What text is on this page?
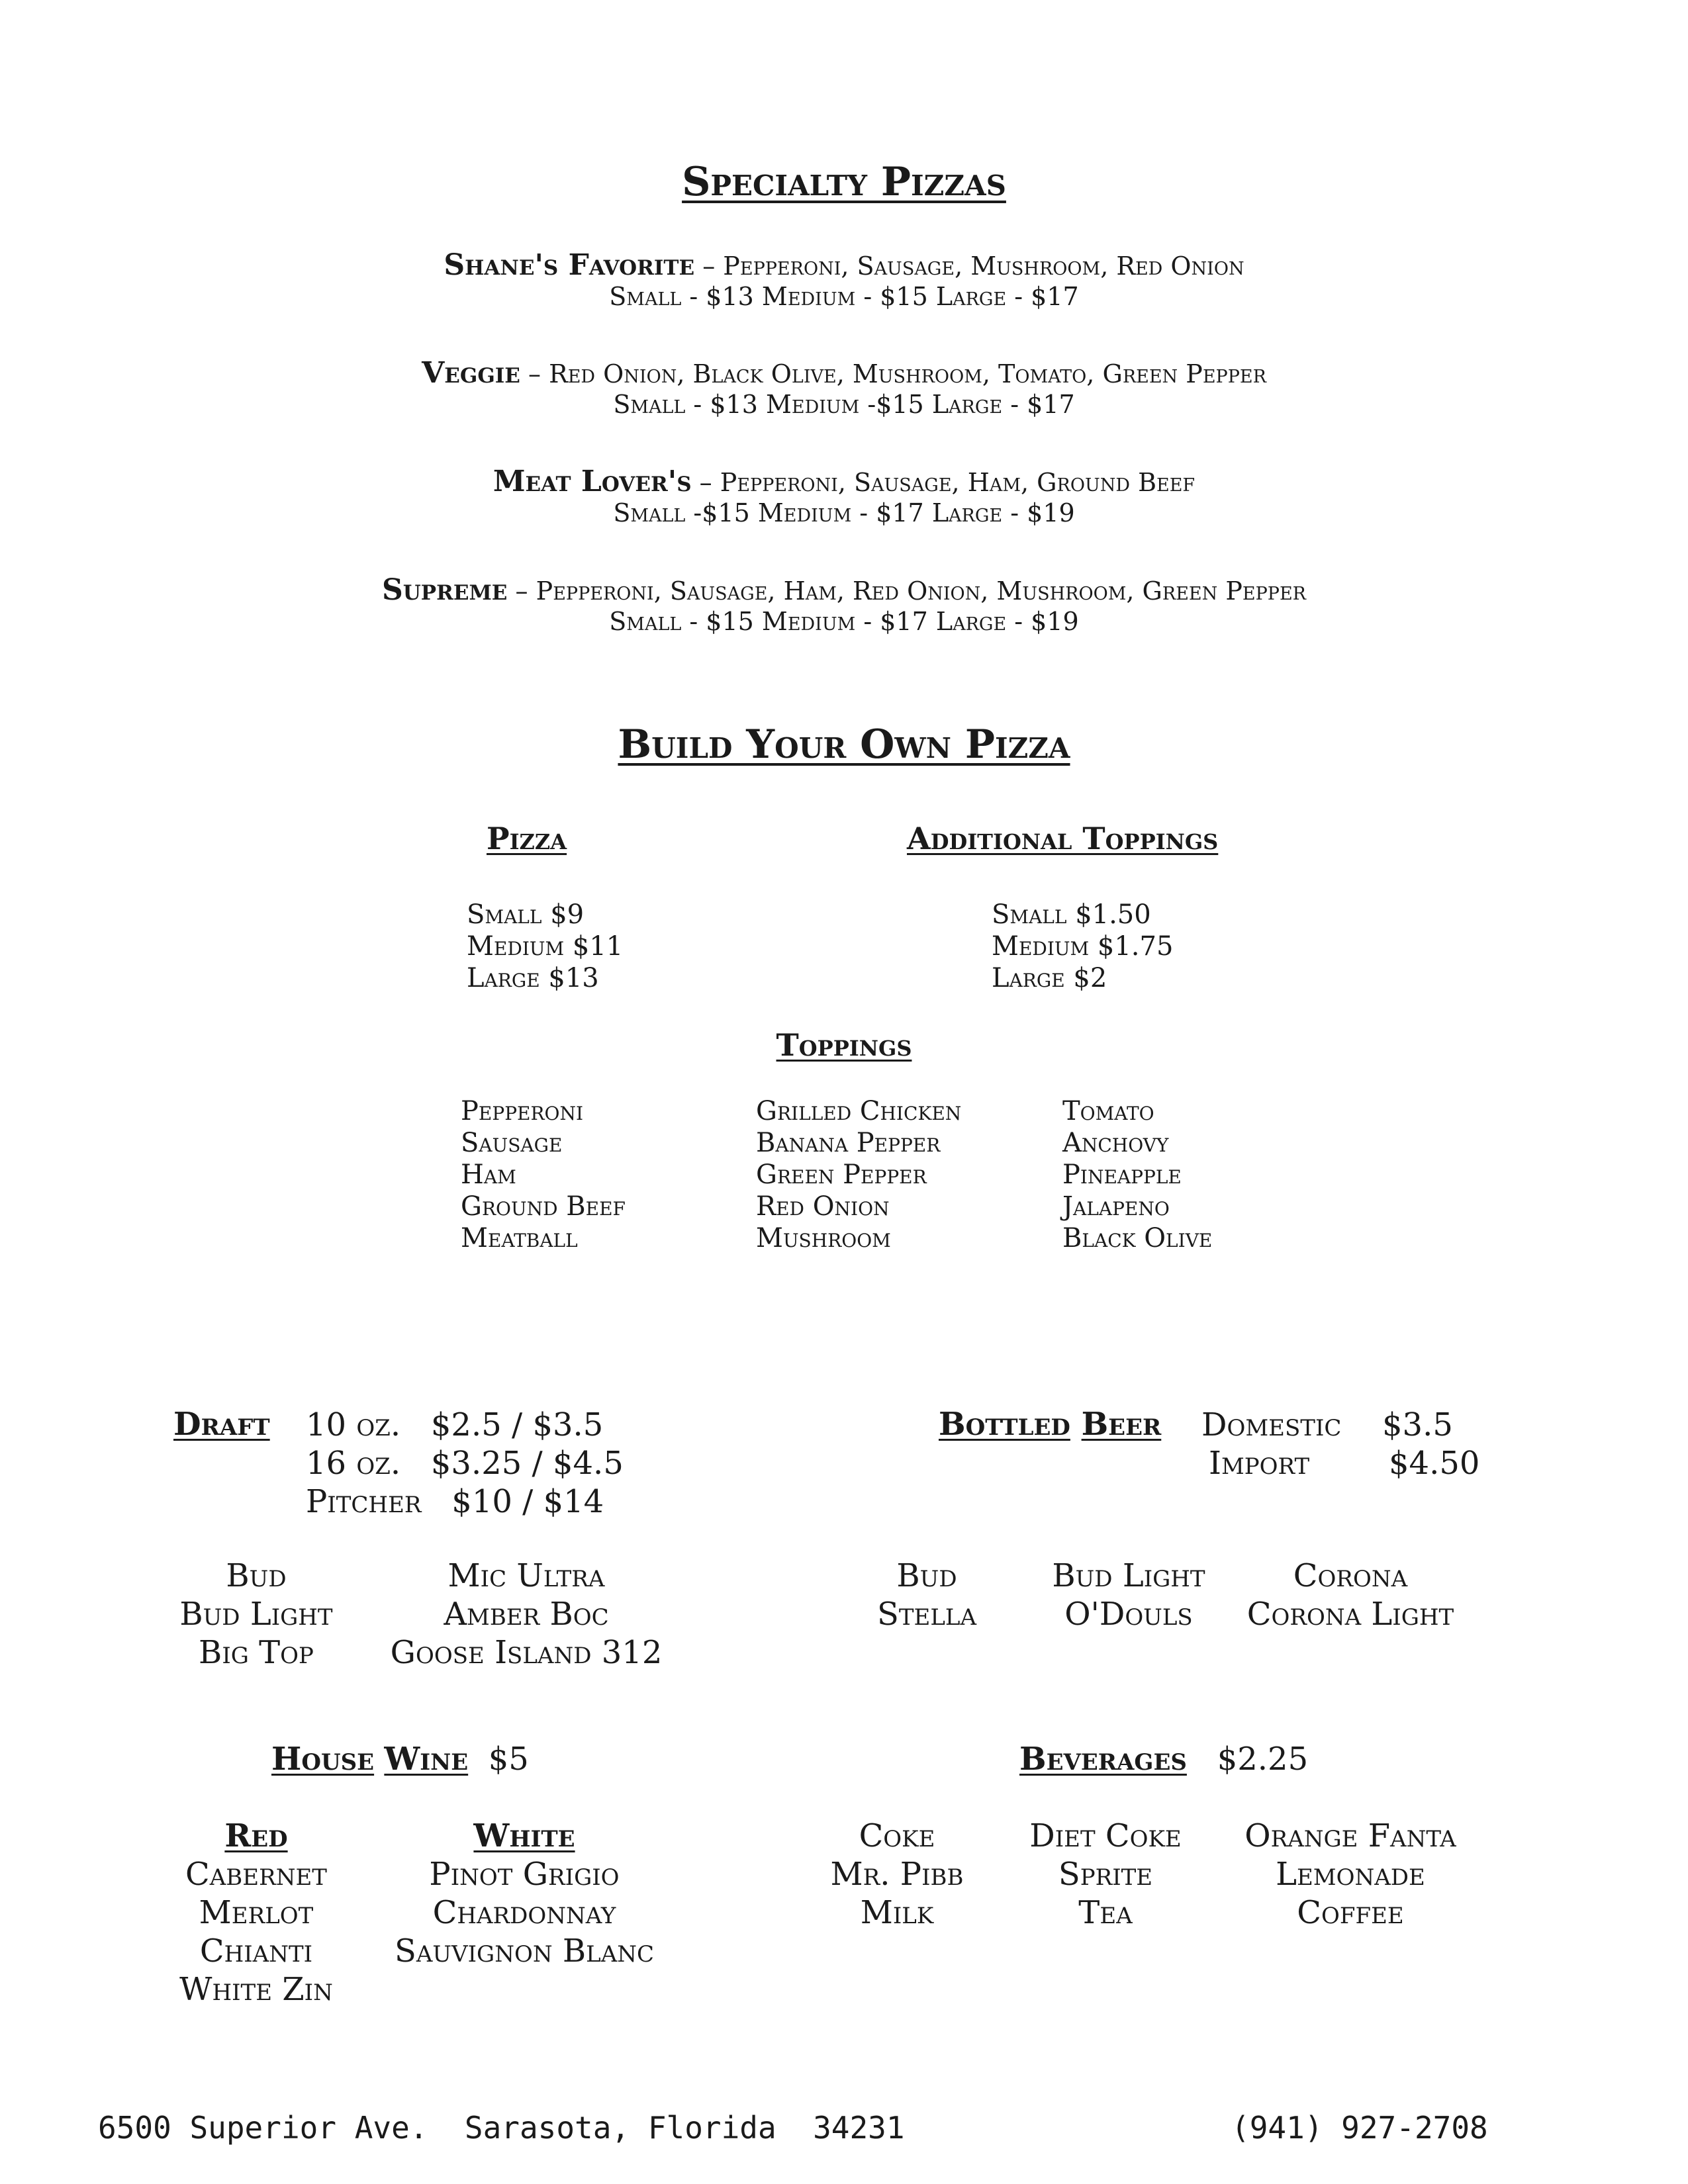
Specialty Pizzas
Shane's Favorite – Pepperoni, Sausage, Mushroom, Red Onion
Small - $13 Medium - $15 Large - $17
Veggie – Red Onion, Black Olive, Mushroom, Tomato, Green Pepper
Small - $13 Medium -$15 Large - $17
Meat Lover's – Pepperoni, Sausage, Ham, Ground Beef
Small -$15 Medium - $17 Large - $19
Supreme – Pepperoni, Sausage, Ham, Red Onion, Mushroom, Green Pepper
Small - $15 Medium - $17 Large - $19
Build Your Own Pizza
Pizza	Additional Toppings
Small $9
Medium $11
Large $13
Small $1.50
Medium $1.75
Large $2
Toppings
Pepperoni
Sausage
Ham
Ground Beef
Meatball
Grilled Chicken
Banana Pepper
Green Pepper
Red Onion
Mushroom
Tomato
Anchovy
Pineapple
Jalapeno
Black Olive
Draft 10 oz. $2.5 / $3.5
16 oz. $3.25 / $4.5
Pitcher $10 / $14
Bud
Bud Light
Big Top
Mic Ultra
Amber Boc
Goose Island 312
Bottled Beer Domestic $3.5
Import $4.50
Bud
Stella
Bud Light
O'Douls
Corona
Corona Light
House Wine $5
Red
Cabernet
Merlot
Chianti
White Zin
White
Pinot Grigio
Chardonnay
Sauvignon Blanc
Beverages $2.25
Coke
Mr. Pibb
Milk
Diet Coke
Sprite
Tea
Orange Fanta
Lemonade
Coffee
6500 Superior Ave.  Sarasota, Florida  34231	(941) 927-2708
